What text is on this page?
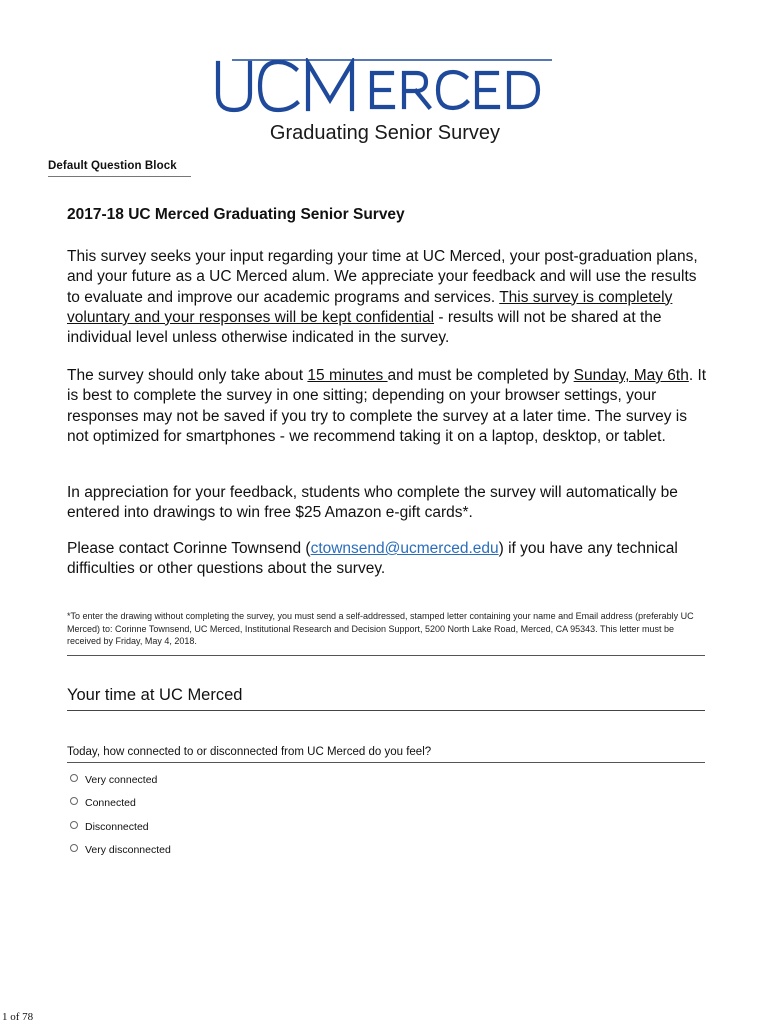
Graduating Senior Survey
Default Question Block
2017-18 UC Merced Graduating Senior Survey

This survey seeks your input regarding your time at UC Merced, your post-graduation plans, and your future as a UC Merced alum. We appreciate your feedback and will use the results to evaluate and improve our academic programs and services. This survey is completely voluntary and your responses will be kept confidential - results will not be shared at the individual level unless otherwise indicated in the survey.

The survey should only take about 15 minutes and must be completed by Sunday, May 6th. It is best to complete the survey in one sitting; depending on your browser settings, your responses may not be saved if you try to complete the survey at a later time. The survey is not optimized for smartphones - we recommend taking it on a laptop, desktop, or tablet.

In appreciation for your feedback, students who complete the survey will automatically be entered into drawings to win free $25 Amazon e-gift cards*.

Please contact Corinne Townsend (ctownsend@ucmerced.edu) if you have any technical difficulties or other questions about the survey.

*To enter the drawing without completing the survey, you must send a self-addressed, stamped letter containing your name and Email address (preferably UC Merced) to: Corinne Townsend, UC Merced, Institutional Research and Decision Support, 5200 North Lake Road, Merced, CA 95343. This letter must be received by Friday, May 4, 2018.
Your time at UC Merced
Today, how connected to or disconnected from UC Merced do you feel?
Very connected
Connected
Disconnected
Very disconnected
1 of 78
